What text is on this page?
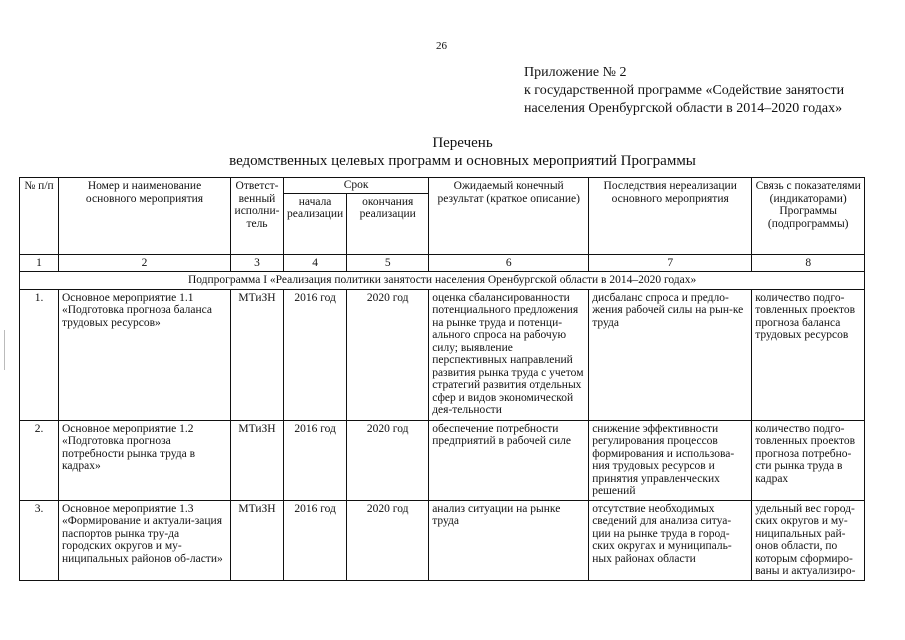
26
Приложение № 2
к государственной программе «Содействие занятости
населения Оренбургской области в 2014–2020 годах»
Перечень
ведомственных целевых программ и основных мероприятий Программы
№ п/п	Номер и наименование основного мероприятия	Ответст-венный исполни-тель	Срок		Ожидаемый конечный результат (краткое описание)	Последствия нереализации основного мероприятия	Связь с показателями (индикаторами) Программы (подпрограммы)
			начала реализации	окончания реализации			
1	2	3	4	5	6	7	8
Подпрограмма I «Реализация политики занятости населения Оренбургской области в 2014–2020 годах»							
1.	Основное мероприятие 1.1 «Подготовка прогноза баланса трудовых ресурсов»	МТиЗН	2016 год	2020 год	оценка сбалансированности потенциального предложения на рынке труда и потенци-ального спроса на рабочую силу; выявление перспективных направлений развития рынка труда с учетом стратегий развития отдельных сфер и видов экономической дея-тельности	дисбаланс спроса и предло-жения рабочей силы на рын-ке труда	количество подго-товленных проектов прогноза баланса трудовых ресурсов
2.	Основное мероприятие 1.2 «Подготовка прогноза потребности рынка труда в кадрах»	МТиЗН	2016 год	2020 год	обеспечение потребности предприятий в рабочей силе	снижение эффективности регулирования процессов формирования и использова-ния трудовых ресурсов и принятия управленческих решений	количество подго-товленных проектов прогноза потребно-сти рынка труда в кадрах
3.	Основное мероприятие 1.3 «Формирование и актуали-зация паспортов рынка тру-да городских округов и му-ниципальных районов об-ласти»	МТиЗН	2016 год	2020 год	анализ ситуации на рынке труда	отсутствие необходимых сведений для анализа ситуа-ции на рынке труда в город-ских округах и муниципаль-ных районах области	удельный вес город-ских округов и му-ниципальных рай-онов области, по которым сформиро-ваны и актуализиро-
